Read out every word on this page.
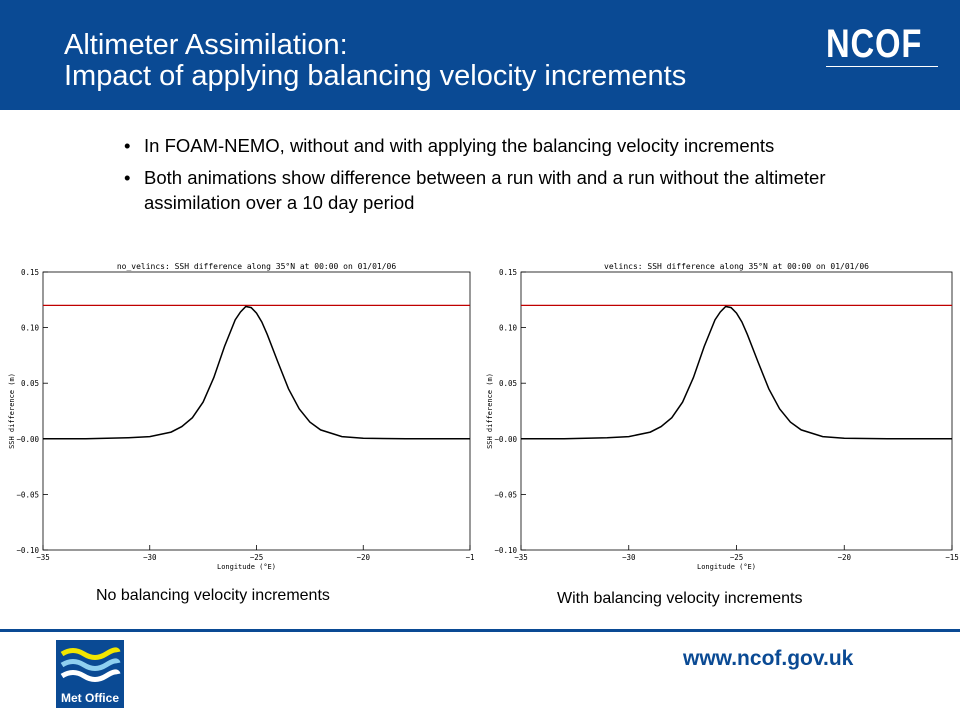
Altimeter Assimilation:
Impact of applying balancing velocity increments
NCOF
• In FOAM-NEMO, without and with applying the balancing velocity increments
• Both animations show difference between a run with and a run without the altimeter assimilation over a 10 day period
no_velincs: SSH difference along 35°N at 00:00 on 01/01/06
0.15
0.10
0.05
−0.00
−0.05
−0.10
−35	−30	−25	−20	−1
Longitude (°E)
SSH difference (m)
velincs: SSH difference along 35°N at 00:00 on 01/01/06
0.15
0.10
0.05
−0.00
−0.05
−0.10
−35	−30	−25	−20	−15
Longitude (°E)
SSH difference (m)
No balancing velocity increments	With balancing velocity increments
Met Office
www.ncof.gov.uk
